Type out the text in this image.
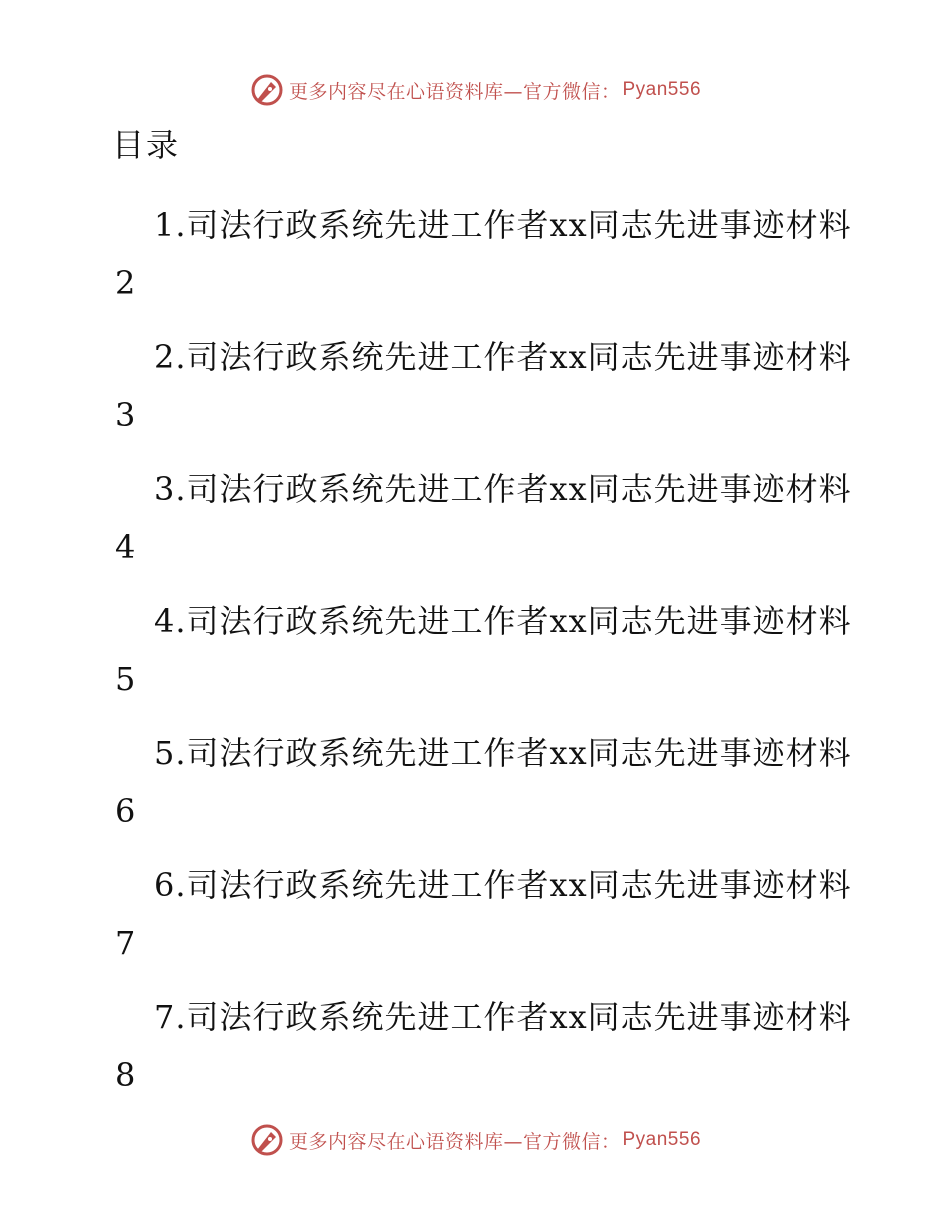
更多内容尽在心语资料库—官方微信： Pyan556
目录
1.司法行政系统先进工作者xx同志先进事迹材料2
2.司法行政系统先进工作者xx同志先进事迹材料3
3.司法行政系统先进工作者xx同志先进事迹材料4
4.司法行政系统先进工作者xx同志先进事迹材料5
5.司法行政系统先进工作者xx同志先进事迹材料6
6.司法行政系统先进工作者xx同志先进事迹材料7
7.司法行政系统先进工作者xx同志先进事迹材料8
更多内容尽在心语资料库—官方微信： Pyan556
